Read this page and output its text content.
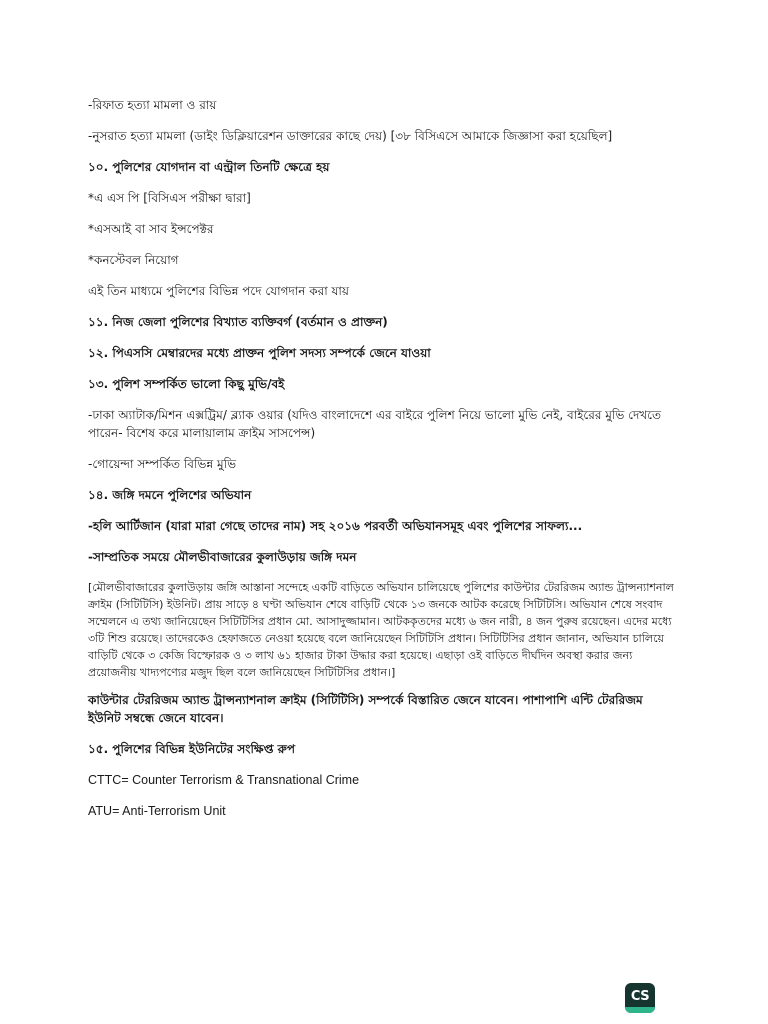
-রিফাত হত্যা মামলা ও রায়

-নুসরাত হত্যা মামলা (ডাইং ডিক্লিয়ারেশন ডাক্তারের কাছে দেয়) [৩৮ বিসিএসে আমাকে জিজ্ঞাসা করা হয়েছিল]

১০. পুলিশের যোগদান বা এন্ট্রাল তিনটি ক্ষেত্রে হয়

*এ এস পি [বিসিএস পরীক্ষা দ্বারা]

*এসআই বা সাব ইন্সপেক্টর

*কনস্টেবল নিয়োগ

এই তিন মাধ্যমে পুলিশের বিভিন্ন পদে যোগদান করা যায়

১১. নিজ জেলা পুলিশের বিখ্যাত ব্যক্তিবর্গ (বর্তমান ও প্রাক্তন)

১২. পিএসসি মেম্বারদের মধ্যে প্রাক্তন পুলিশ সদস্য সম্পর্কে জেনে যাওয়া

১৩. পুলিশ সম্পর্কিত ভালো কিছু মুভি/বই

-ঢাকা অ্যাটাক/মিশন এক্সট্রিম/ ব্ল্যাক ওয়ার (যদিও বাংলাদেশে এর বাইরে পুলিশ নিয়ে ভালো মুভি নেই, বাইরের মুভি দেখতে পারেন- বিশেষ করে মালায়ালাম ক্রাইম সাসপেন্স)

-গোয়েন্দা সম্পর্কিত বিভিন্ন মুভি

১৪. জঙ্গি দমনে পুলিশের অভিযান

-হলি আর্টিজান (যারা মারা গেছে তাদের নাম) সহ ২০১৬ পরবর্তী অভিযানসমূহ এবং পুলিশের সাফল্য...

-সাম্প্রতিক সময়ে মৌলভীবাজারের কুলাউড়ায় জঙ্গি দমন

[মৌলভীবাজারের কুলাউড়ায় জঙ্গি আস্তানা সন্দেহে একটি বাড়িতে অভিযান চালিয়েছে পুলিশের কাউন্টার টেররিজম অ্যান্ড ট্রান্সন্যাশনাল ক্রাইম (সিটিটিসি) ইউনিট। প্রায় সাড়ে ৪ ঘণ্টা অভিযান শেষে বাড়িটি থেকে ১৩ জনকে আটক করেছে সিটিটিসি। অভিযান শেষে সংবাদ সম্মেলনে এ তথ্য জানিয়েছেন সিটিটিসির প্রধান মো. আসাদুজ্জামান। আটককৃতদের মধ্যে ৬ জন নারী, ৪ জন পুরুষ রয়েছেন। এদের মধ্যে ৩টি শিশু রয়েছে। তাদেরকেও হেফাজতে নেওয়া হয়েছে বলে জানিয়েছেন সিটিটিসি প্রধান। সিটিটিসির প্রধান জানান, অভিযান চালিয়ে বাড়িটি থেকে ৩ কেজি বিস্ফোরক ও ৩ লাখ ৬১ হাজার টাকা উদ্ধার করা হয়েছে। এছাড়া ওই বাড়িতে দীর্ঘদিন অবস্থা করার জন্য প্রয়োজনীয় খাদ্যপণ্যের মজুদ ছিল বলে জানিয়েছেন সিটিটিসির প্রধান।]

কাউন্টার টেররিজম অ্যান্ড ট্রান্সন্যাশনাল ক্রাইম (সিটিটিসি) সম্পর্কে বিস্তারিত জেনে যাবেন। পাশাপাশি এন্টি টেররিজম ইউনিট সম্বন্ধে জেনে যাবেন।

১৫. পুলিশের বিভিন্ন ইউনিটের সংক্ষিপ্ত রুপ

CTTC= Counter Terrorism & Transnational Crime

ATU= Anti-Terrorism Unit

CS
